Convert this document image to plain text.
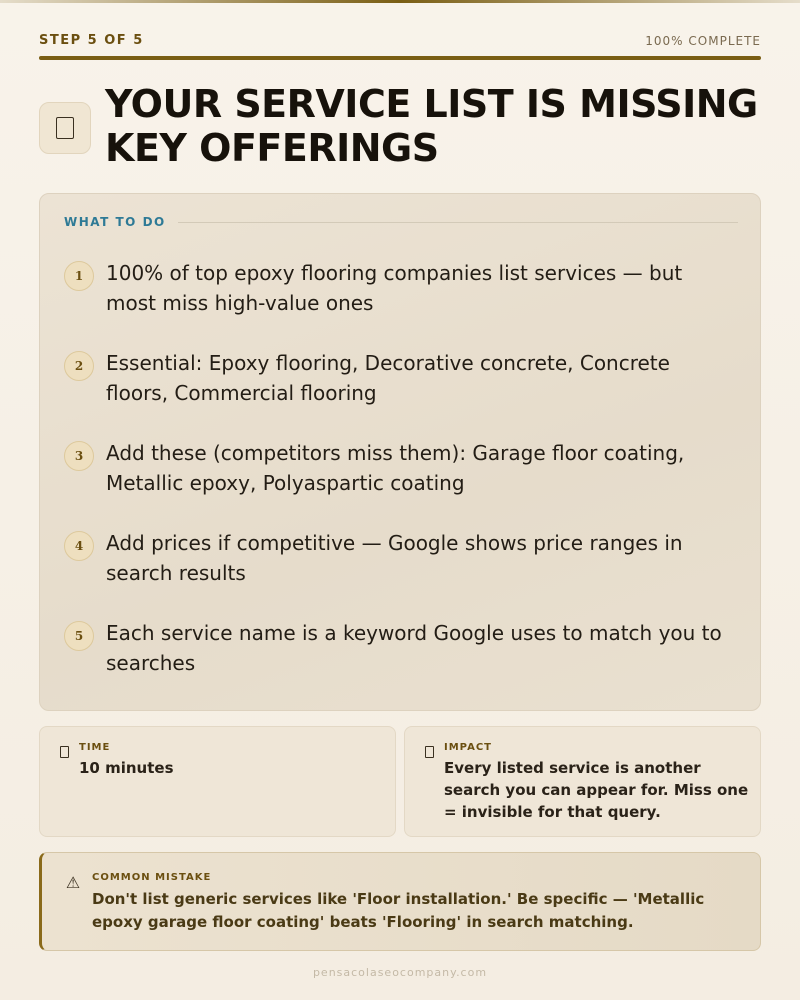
STEP 5 OF 5	100% COMPLETE
YOUR SERVICE LIST IS MISSING KEY OFFERINGS
WHAT TO DO
1	100% of top epoxy flooring companies list services — but most miss high-value ones

2	Essential: Epoxy flooring, Decorative concrete, Concrete floors, Commercial flooring

3	Add these (competitors miss them): Garage floor coating, Metallic epoxy, Polyaspartic coating

4	Add prices if competitive — Google shows price ranges in search results

5	Each service name is a keyword Google uses to match you to searches

TIME

10 minutes

IMPACT

Every listed service is another search you can appear for. Miss one = invisible for that query.

⚠ COMMON MISTAKE

Don't list generic services like 'Floor installation.' Be specific — 'Metallic epoxy garage floor coating' beats 'Flooring' in search matching.

pensacolaseocompany.com
